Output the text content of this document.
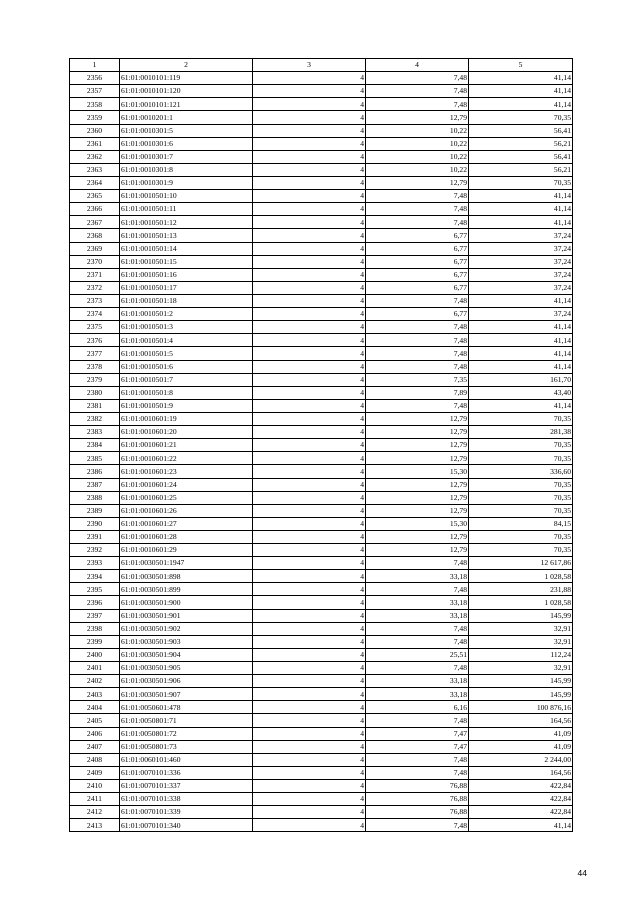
1	2	3	4	5
2356	61:01:0010101:119	4	7,48	41,14
2357	61:01:0010101:120	4	7,48	41,14
2358	61:01:0010101:121	4	7,48	41,14
2359	61:01:0010201:1	4	12,79	70,35
2360	61:01:0010301:5	4	10,22	56,41
2361	61:01:0010301:6	4	10,22	56,21
2362	61:01:0010301:7	4	10,22	56,41
2363	61:01:0010301:8	4	10,22	56,21
2364	61:01:0010301:9	4	12,79	70,35
2365	61:01:0010501:10	4	7,48	41,14
2366	61:01:0010501:11	4	7,48	41,14
2367	61:01:0010501:12	4	7,48	41,14
2368	61:01:0010501:13	4	6,77	37,24
2369	61:01:0010501:14	4	6,77	37,24
2370	61:01:0010501:15	4	6,77	37,24
2371	61:01:0010501:16	4	6,77	37,24
2372	61:01:0010501:17	4	6,77	37,24
2373	61:01:0010501:18	4	7,48	41,14
2374	61:01:0010501:2	4	6,77	37,24
2375	61:01:0010501:3	4	7,48	41,14
2376	61:01:0010501:4	4	7,48	41,14
2377	61:01:0010501:5	4	7,48	41,14
2378	61:01:0010501:6	4	7,48	41,14
2379	61:01:0010501:7	4	7,35	161,70
2380	61:01:0010501:8	4	7,89	43,40
2381	61:01:0010501:9	4	7,48	41,14
2382	61:01:0010601:19	4	12,79	70,35
2383	61:01:0010601:20	4	12,79	281,38
2384	61:01:0010601:21	4	12,79	70,35
2385	61:01:0010601:22	4	12,79	70,35
2386	61:01:0010601:23	4	15,30	336,60
2387	61:01:0010601:24	4	12,79	70,35
2388	61:01:0010601:25	4	12,79	70,35
2389	61:01:0010601:26	4	12,79	70,35
2390	61:01:0010601:27	4	15,30	84,15
2391	61:01:0010601:28	4	12,79	70,35
2392	61:01:0010601:29	4	12,79	70,35
2393	61:01:0030501:1947	4	7,48	12 617,86
2394	61:01:0030501:898	4	33,18	1 028,58
2395	61:01:0030501:899	4	7,48	231,88
2396	61:01:0030501:900	4	33,18	1 028,58
2397	61:01:0030501:901	4	33,18	145,99
2398	61:01:0030501:902	4	7,48	32,91
2399	61:01:0030501:903	4	7,48	32,91
2400	61:01:0030501:904	4	25,51	112,24
2401	61:01:0030501:905	4	7,48	32,91
2402	61:01:0030501:906	4	33,18	145,99
2403	61:01:0030501:907	4	33,18	145,99
2404	61:01:0050601:478	4	6,16	100 876,16
2405	61:01:0050801:71	4	7,48	164,56
2406	61:01:0050801:72	4	7,47	41,09
2407	61:01:0050801:73	4	7,47	41,09
2408	61:01:0060101:460	4	7,48	2 244,00
2409	61:01:0070101:336	4	7,48	164,56
2410	61:01:0070101:337	4	76,88	422,84
2411	61:01:0070101:338	4	76,88	422,84
2412	61:01:0070101:339	4	76,88	422,84
2413	61:01:0070101:340	4	7,48	41,14
44
